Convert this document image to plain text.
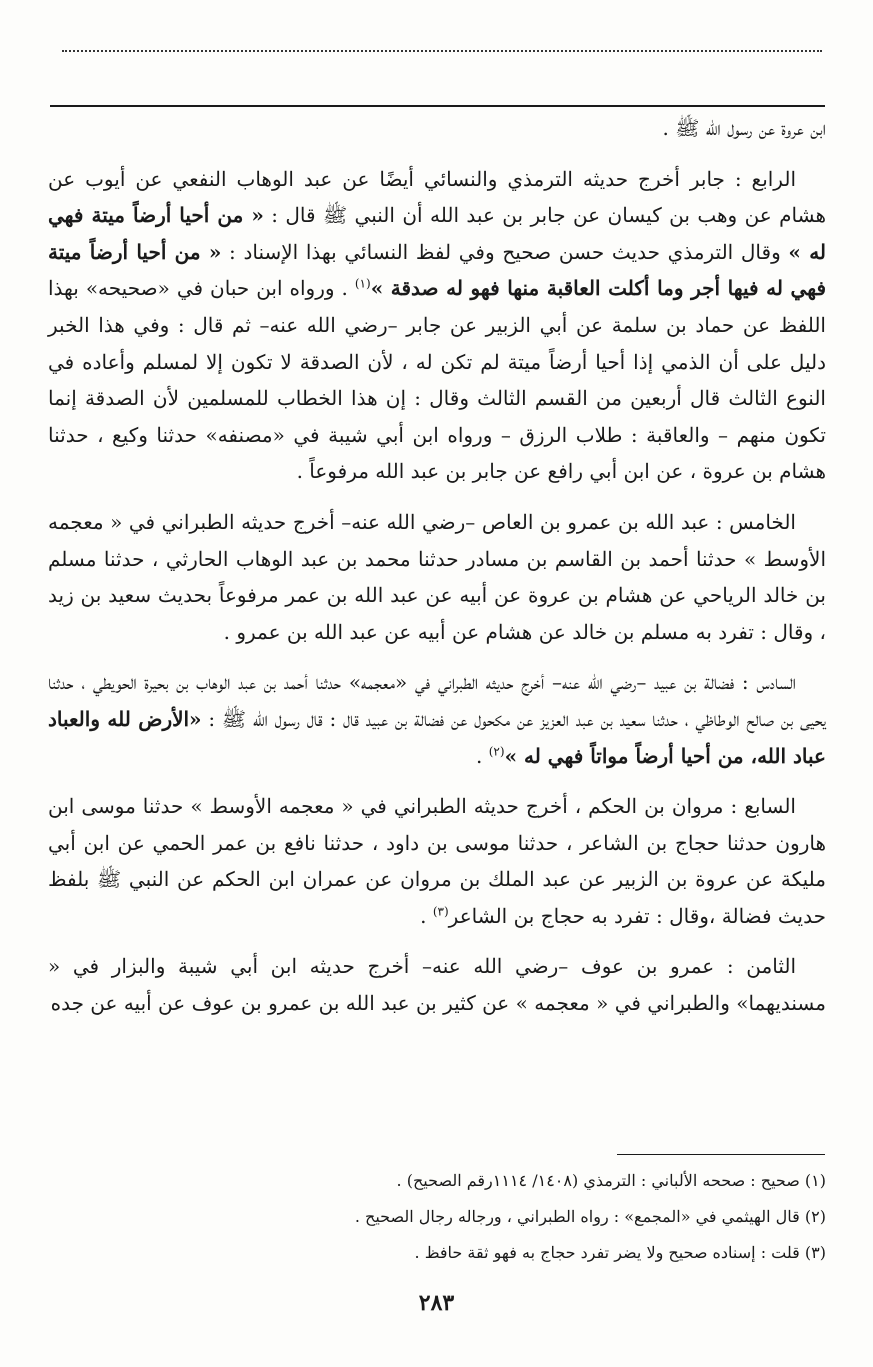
ابن عروة عن رسول الله ﷺ .

الرابع : جابر أخرج حديثه الترمذي والنسائي أيضًا عن عبد الوهاب النفعي عن أيوب عن هشام عن وهب بن كيسان عن جابر بن عبد الله أن النبي ﷺ قال : « من أحيا أرضاً ميتة فهي له » وقال الترمذي حديث حسن صحيح وفي لفظ النسائي بهذا الإسناد : « من أحيا أرضاً ميتة فهي له فيها أجر وما أكلت العاقبة منها فهو له صدقة »$^{(١)}$ . ورواه ابن حبان في «صحيحه» بهذا اللفظ عن حماد بن سلمة عن أبي الزبير عن جابر –رضي الله عنه– ثم قال : وفي هذا الخبر دليل على أن الذمي إذا أحيا أرضاً ميتة لم تكن له ، لأن الصدقة لا تكون إلا لمسلم وأعاده في النوع الثالث قال أربعين من القسم الثالث وقال : إن هذا الخطاب للمسلمين لأن الصدقة إنما تكون منهم – والعاقبة : طلاب الرزق – ورواه ابن أبي شيبة في «مصنفه» حدثنا وكيع ، حدثنا هشام بن عروة ، عن ابن أبي رافع عن جابر بن عبد الله مرفوعاً .

الخامس : عبد الله بن عمرو بن العاص –رضي الله عنه– أخرج حديثه الطبراني في « معجمه الأوسط » حدثنا أحمد بن القاسم بن مسادر حدثنا محمد بن عبد الوهاب الحارثي ، حدثنا مسلم بن خالد الرياحي عن هشام بن عروة عن أبيه عن عبد الله بن عمر مرفوعاً بحديث سعيد بن زيد ، وقال : تفرد به مسلم بن خالد عن هشام عن أبيه عن عبد الله بن عمرو .

السادس : فضالة بن عبيد –رضي الله عنه– أخرج حديثه الطبراني في «معجمه» حدثنا أحمد بن عبد الوهاب بن بحيرة الحويطي ، حدثنا يحيى بن صالح الوطاظي ، حدثنا سعيد بن عبد العزيز عن مكحول عن فضالة بن عبيد قال : قال رسول الله ﷺ : «الأرض لله والعباد عباد الله، من أحيا أرضاً مواتاً فهي له »$^{(٢)}$ .

السابع : مروان بن الحكم ، أخرج حديثه الطبراني في « معجمه الأوسط » حدثنا موسى ابن هارون حدثنا حجاج بن الشاعر ، حدثنا موسى بن داود ، حدثنا نافع بن عمر الحمي عن ابن أبي مليكة عن عروة بن الزبير عن عبد الملك بن مروان عن عمران ابن الحكم عن النبي ﷺ بلفظ حديث فضالة ،وقال : تفرد به حجاج بن الشاعر$^{(٣)}$ .

الثامن : عمرو بن عوف –رضي الله عنه– أخرج حديثه ابن أبي شيبة والبزار في « مسنديهما» والطبراني في « معجمه » عن كثير بن عبد الله بن عمرو بن عوف عن أبيه عن جده

(١) صحيح : صححه الألباني : الترمذي (١٤٠٨/ ١١١٤رقم الصحيح) .
(٢) قال الهيثمي في «المجمع» : رواه الطبراني ، ورجاله رجال الصحيح .
(٣) قلت : إسناده صحيح ولا يضر تفرد حجاج به فهو ثقة حافظ .
٢٨٣
